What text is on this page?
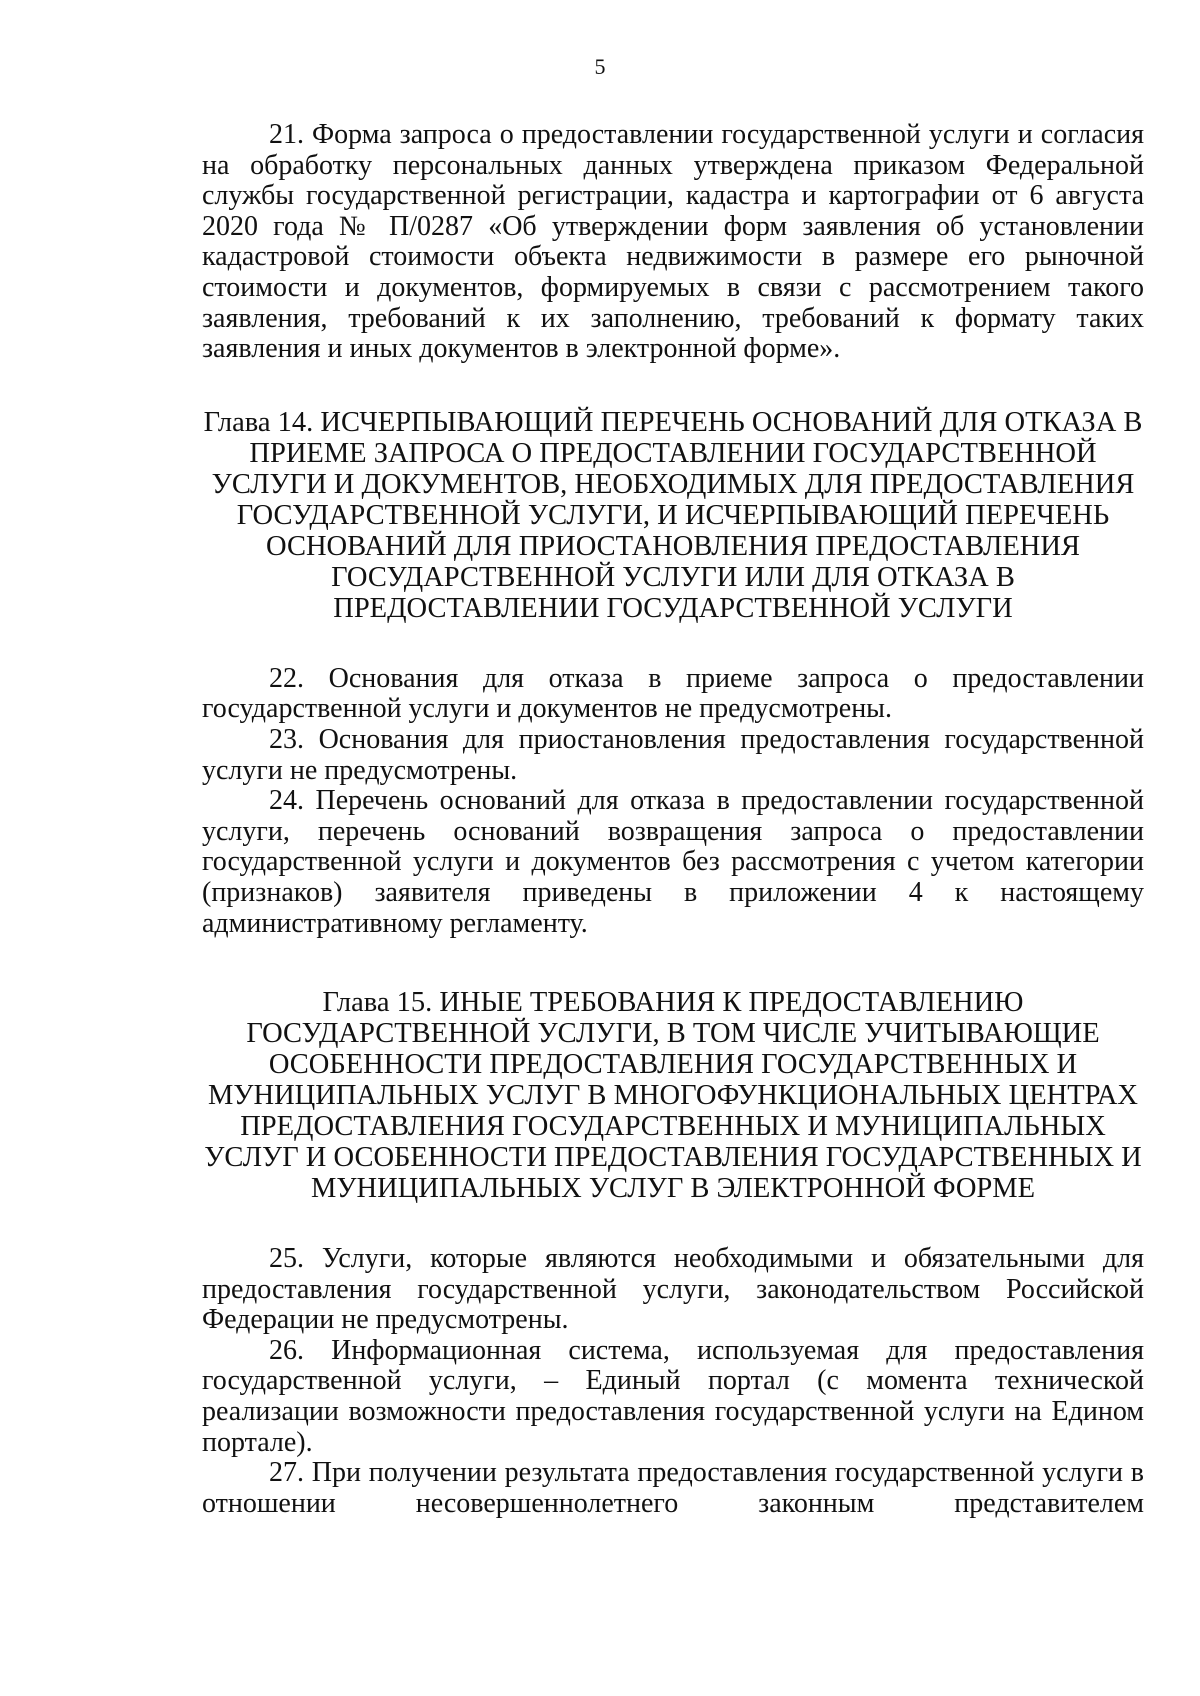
5

21. Форма запроса о предоставлении государственной услуги и согласия на обработку персональных данных утверждена приказом Федеральной службы государственной регистрации, кадастра и картографии от 6 августа 2020 года № П/0287 «Об утверждении форм заявления об установлении кадастровой стоимости объекта недвижимости в размере его рыночной стоимости и документов, формируемых в связи с рассмотрением такого заявления, требований к их заполнению, требований к формату таких заявления и иных документов в электронной форме».

Глава 14. ИСЧЕРПЫВАЮЩИЙ ПЕРЕЧЕНЬ ОСНОВАНИЙ ДЛЯ ОТКАЗА В ПРИЕМЕ ЗАПРОСА О ПРЕДОСТАВЛЕНИИ ГОСУДАРСТВЕННОЙ УСЛУГИ И ДОКУМЕНТОВ, НЕОБХОДИМЫХ ДЛЯ ПРЕДОСТАВЛЕНИЯ ГОСУДАРСТВЕННОЙ УСЛУГИ, И ИСЧЕРПЫВАЮЩИЙ ПЕРЕЧЕНЬ ОСНОВАНИЙ ДЛЯ ПРИОСТАНОВЛЕНИЯ ПРЕДОСТАВЛЕНИЯ ГОСУДАРСТВЕННОЙ УСЛУГИ ИЛИ ДЛЯ ОТКАЗА В ПРЕДОСТАВЛЕНИИ ГОСУДАРСТВЕННОЙ УСЛУГИ

22. Основания для отказа в приеме запроса о предоставлении государственной услуги и документов не предусмотрены.

23. Основания для приостановления предоставления государственной услуги не предусмотрены.

24. Перечень оснований для отказа в предоставлении государственной услуги, перечень оснований возвращения запроса о предоставлении государственной услуги и документов без рассмотрения с учетом категории (признаков) заявителя приведены в приложении 4 к настоящему административному регламенту.

Глава 15. ИНЫЕ ТРЕБОВАНИЯ К ПРЕДОСТАВЛЕНИЮ ГОСУДАРСТВЕННОЙ УСЛУГИ, В ТОМ ЧИСЛЕ УЧИТЫВАЮЩИЕ ОСОБЕННОСТИ ПРЕДОСТАВЛЕНИЯ ГОСУДАРСТВЕННЫХ И МУНИЦИПАЛЬНЫХ УСЛУГ В МНОГОФУНКЦИОНАЛЬНЫХ ЦЕНТРАХ ПРЕДОСТАВЛЕНИЯ ГОСУДАРСТВЕННЫХ И МУНИЦИПАЛЬНЫХ УСЛУГ И ОСОБЕННОСТИ ПРЕДОСТАВЛЕНИЯ ГОСУДАРСТВЕННЫХ И МУНИЦИПАЛЬНЫХ УСЛУГ В ЭЛЕКТРОННОЙ ФОРМЕ

25. Услуги, которые являются необходимыми и обязательными для предоставления государственной услуги, законодательством Российской Федерации не предусмотрены.

26. Информационная система, используемая для предоставления государственной услуги, – Единый портал (с момента технической реализации возможности предоставления государственной услуги на Едином портале).

27. При получении результата предоставления государственной услуги в отношении несовершеннолетнего законным представителем
